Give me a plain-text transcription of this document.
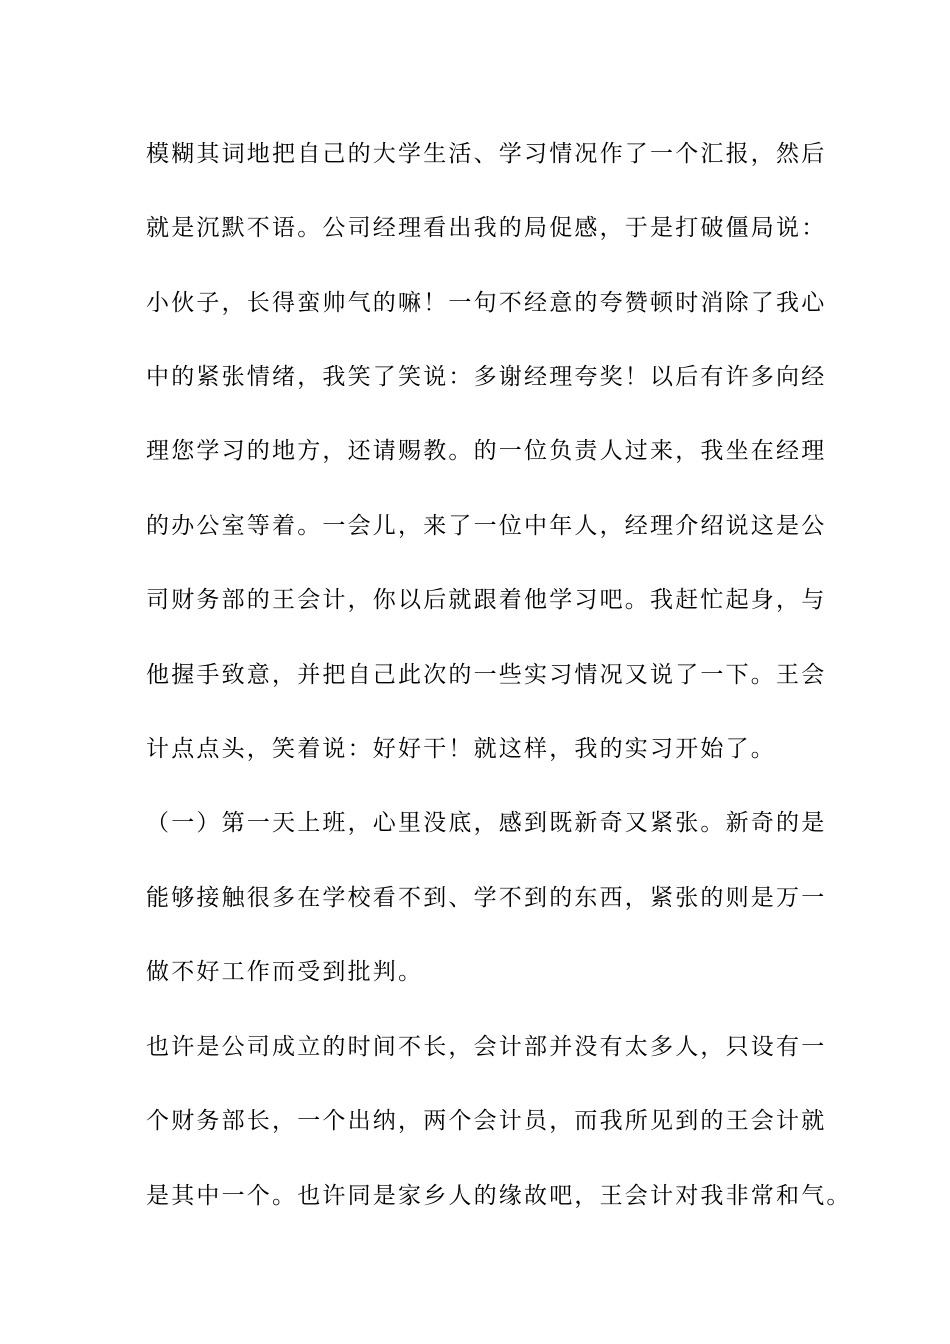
模糊其词地把自己的大学生活、学习情况作了一个汇报，然后
就是沉默不语。公司经理看出我的局促感，于是打破僵局说：
小伙子，长得蛮帅气的嘛！一句不经意的夸赞顿时消除了我心
中的紧张情绪，我笑了笑说：多谢经理夸奖！以后有许多向经
理您学习的地方，还请赐教。的一位负责人过来，我坐在经理
的办公室等着。一会儿，来了一位中年人，经理介绍说这是公
司财务部的王会计，你以后就跟着他学习吧。我赶忙起身，与
他握手致意，并把自己此次的一些实习情况又说了一下。王会
计点点头，笑着说：好好干！就这样，我的实习开始了。
（一）第一天上班，心里没底，感到既新奇又紧张。新奇的是
能够接触很多在学校看不到、学不到的东西，紧张的则是万一
做不好工作而受到批判。
也许是公司成立的时间不长，会计部并没有太多人，只设有一
个财务部长，一个出纳，两个会计员，而我所见到的王会计就
是其中一个。也许同是家乡人的缘故吧，王会计对我非常和气。
